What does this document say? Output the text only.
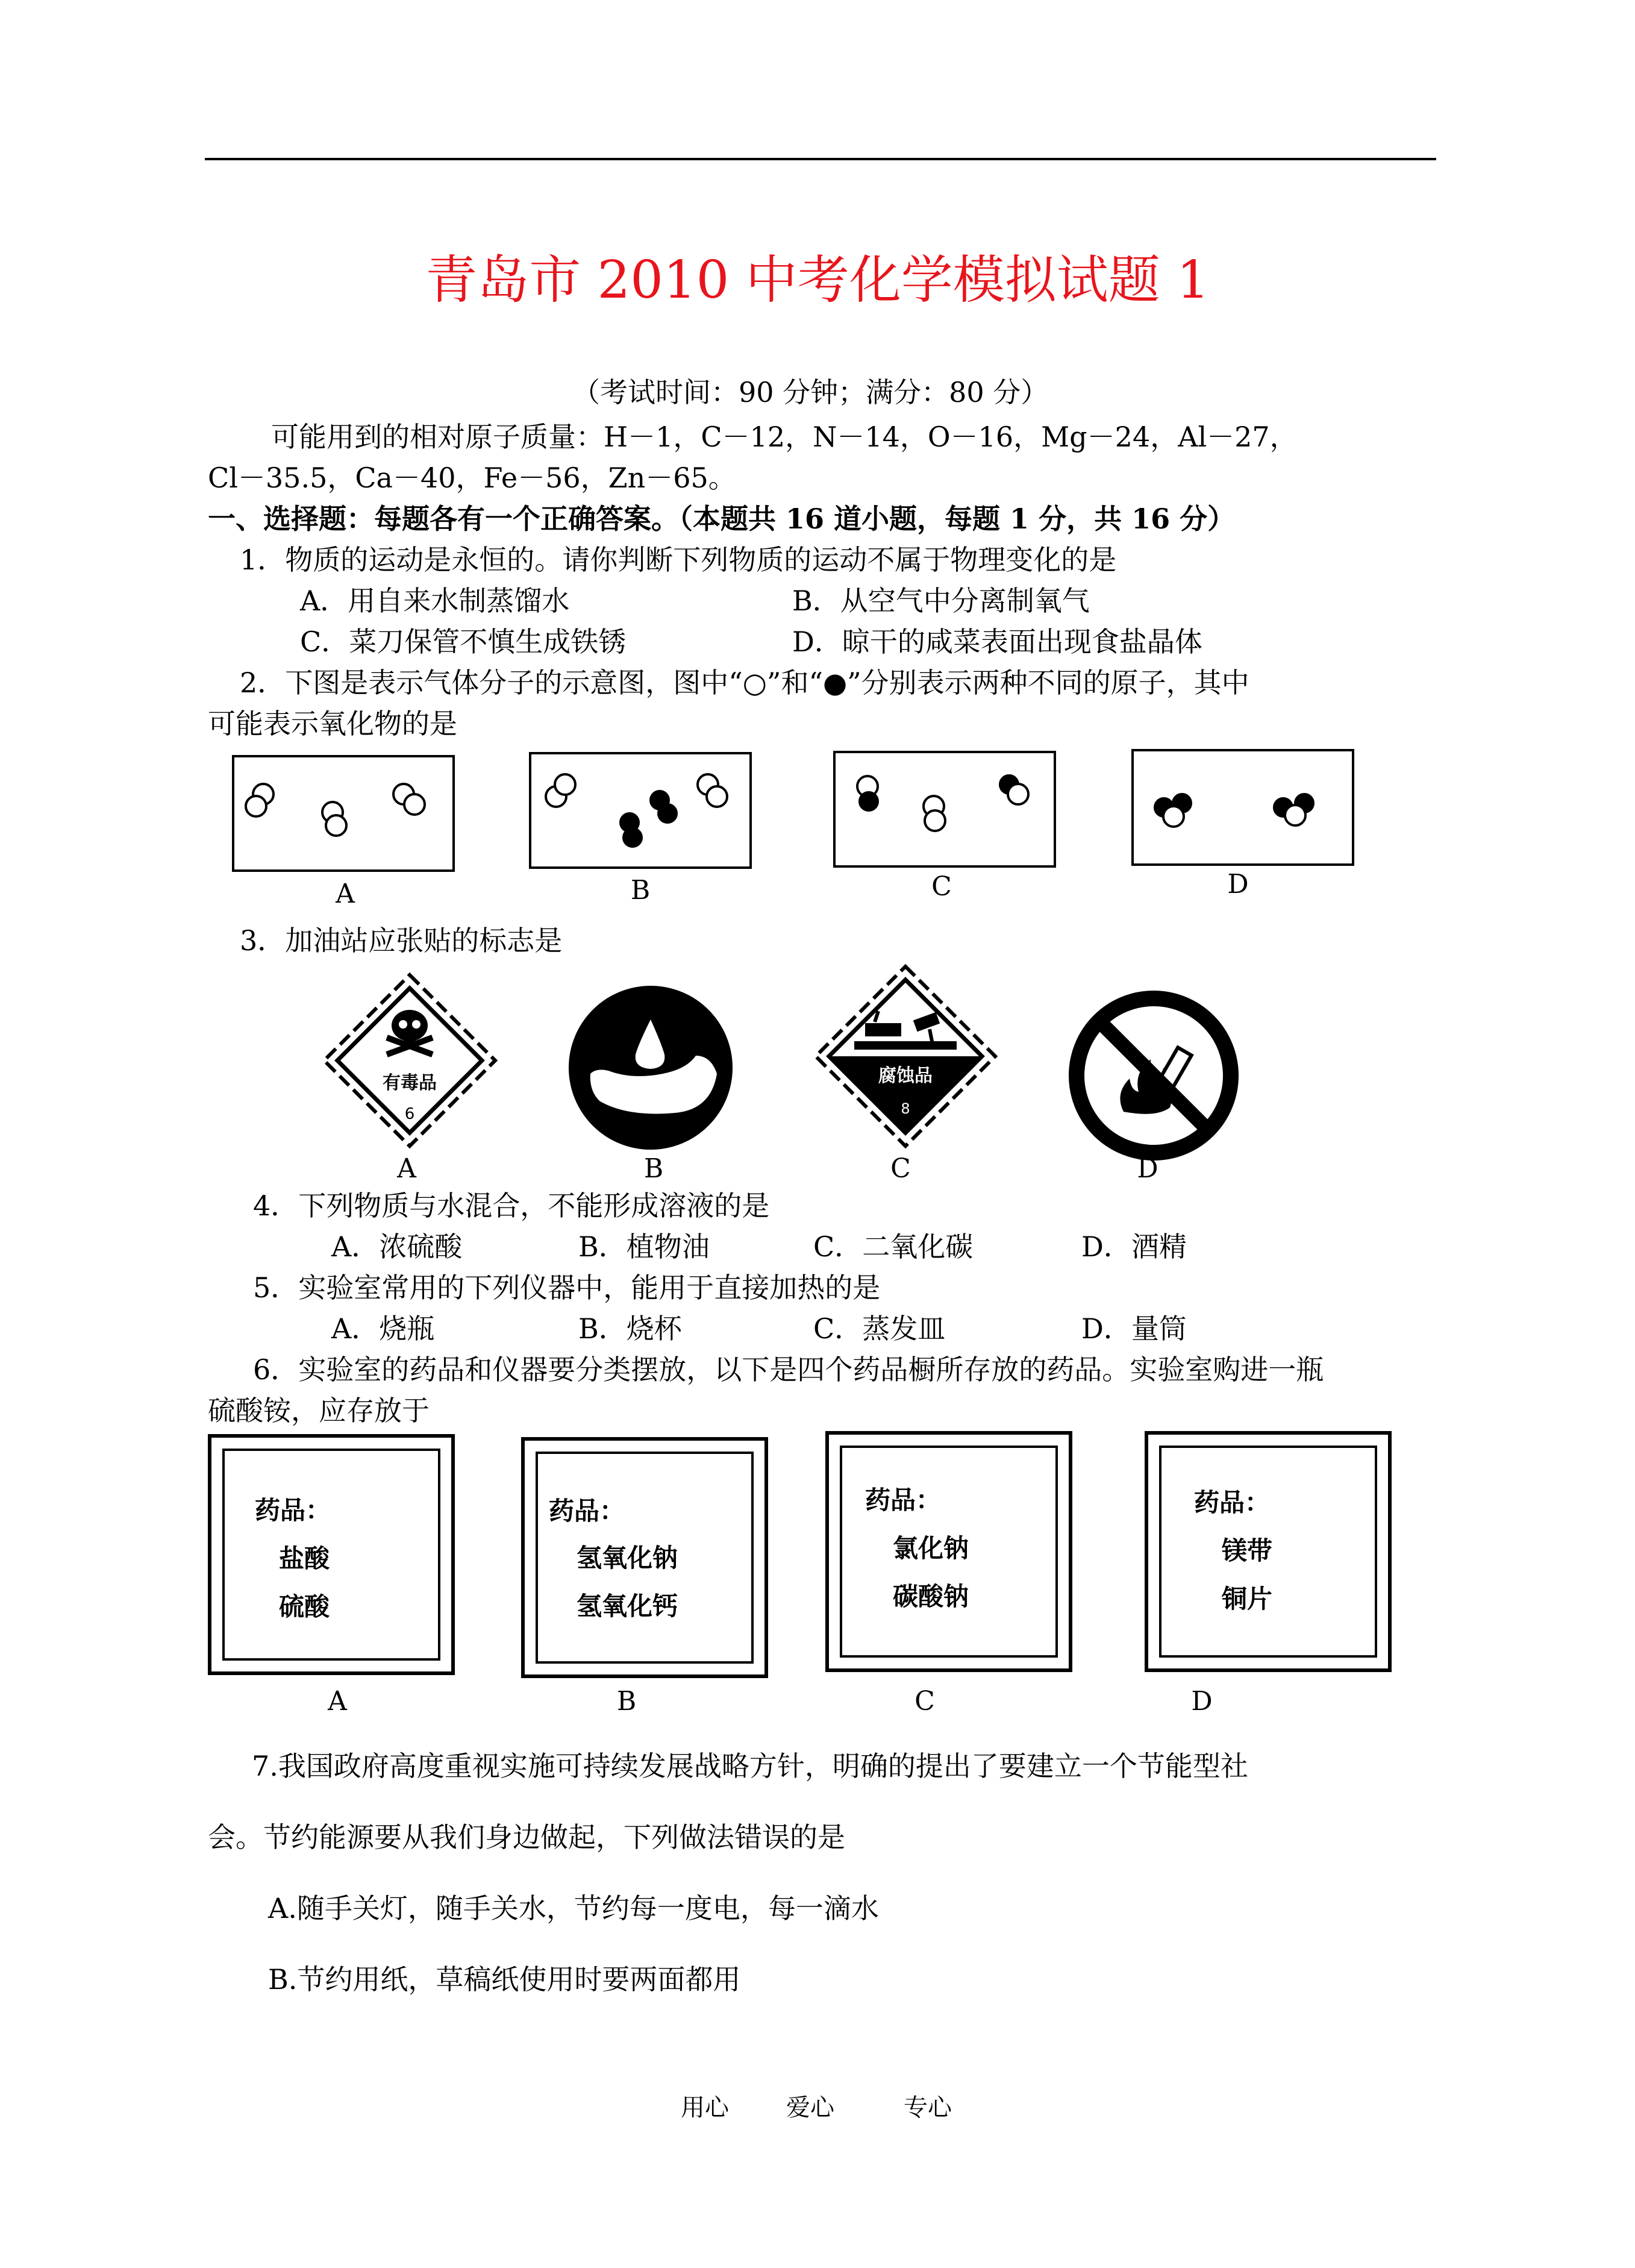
青岛市 2010 中考化学模拟试题 1
（考试时间：90 分钟；满分：80 分）
可能用到的相对原子质量：H－1，C－12，N－14，O－16，Mg－24，Al－27，
Cl－35.5，Ca－40，Fe－56，Zn－65。
一、选择题：每题各有一个正确答案。（本题共 16 道小题，每题 1 分，共 16 分）
1．物质的运动是永恒的。请你判断下列物质的运动不属于物理变化的是
A．用自来水制蒸馏水	B．从空气中分离制氧气
C．菜刀保管不慎生成铁锈	D．晾干的咸菜表面出现食盐晶体
2．下图是表示气体分子的示意图，图中“○”和“●”分别表示两种不同的原子，其中
可能表示氧化物的是
A	B	C	D
3．加油站应张贴的标志是
有毒品
6
腐蚀品
8
A	B	C	D
4．下列物质与水混合，不能形成溶液的是
A．浓硫酸	B．植物油	C．二氧化碳	D．酒精
5．实验室常用的下列仪器中，能用于直接加热的是
A．烧瓶	B．烧杯	C．蒸发皿	D．量筒
6．实验室的药品和仪器要分类摆放，以下是四个药品橱所存放的药品。实验室购进一瓶
硫酸铵，应存放于
药品：
盐酸
硫酸
A
药品：
氢氧化钠
氢氧化钙
B
药品：
氯化钠
碳酸钠
C
药品：
镁带
铜片
D
7.我国政府高度重视实施可持续发展战略方针，明确的提出了要建立一个节能型社
会。节约能源要从我们身边做起，下列做法错误的是
A.随手关灯，随手关水，节约每一度电，每一滴水
B.节约用纸，草稿纸使用时要两面都用
用心 爱心	专心
